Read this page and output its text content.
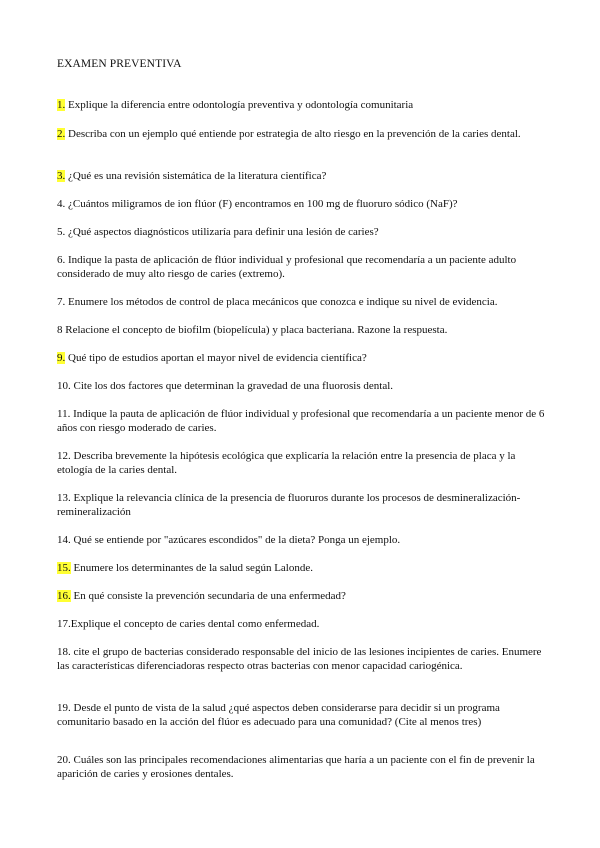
EXAMEN PREVENTIVA

1. Explique la diferencia entre odontología preventiva y odontología comunitaria

2. Describa con un ejemplo qué entiende por estrategia de alto riesgo en la prevención de la caries dental.

3. ¿Qué es una revisión sistemática de la literatura científica?

4. ¿Cuántos miligramos de ion flúor (F) encontramos en 100 mg de fluoruro sódico (NaF)?

5. ¿Qué aspectos diagnósticos utilizaría para definir una lesión de caries?

6. Indique la pasta de aplicación de flúor individual y profesional que recomendaría a un paciente adulto considerado de muy alto riesgo de caries (extremo).

7. Enumere los métodos de control de placa mecánicos que conozca e indique su nivel de evidencia.

8 Relacione el concepto de biofilm (biopelícula) y placa bacteriana. Razone la respuesta.

9. Qué tipo de estudios aportan el mayor nivel de evidencia científica?

10. Cite los dos factores que determinan la gravedad de una fluorosis dental.

11. Indique la pauta de aplicación de flúor individual y profesional que recomendaría a un paciente menor de 6 años con riesgo moderado de caries.

12. Describa brevemente la hipótesis ecológica que explicaría la relación entre la presencia de placa y la etología de la caries dental.

13. Explique la relevancia clínica de la presencia de fluoruros durante los procesos de desmineralización-remineralización

14. Qué se entiende por "azúcares escondidos" de la dieta? Ponga un ejemplo.

15. Enumere los determinantes de la salud según Lalonde.

16. En qué consiste la prevención secundaria de una enfermedad?

17.Explique el concepto de caries dental como enfermedad.

18. cite el grupo de bacterias considerado responsable del inicio de las lesiones incipientes de caries. Enumere las características diferenciadoras respecto otras bacterias con menor capacidad cariogénica.

19. Desde el punto de vista de la salud ¿qué aspectos deben considerarse para decidir si un programa comunitario basado en la acción del flúor es adecuado para una comunidad? (Cite al menos tres)

20. Cuáles son las principales recomendaciones alimentarias que haría a un paciente con el fin de prevenir la aparición de caries y erosiones dentales.
